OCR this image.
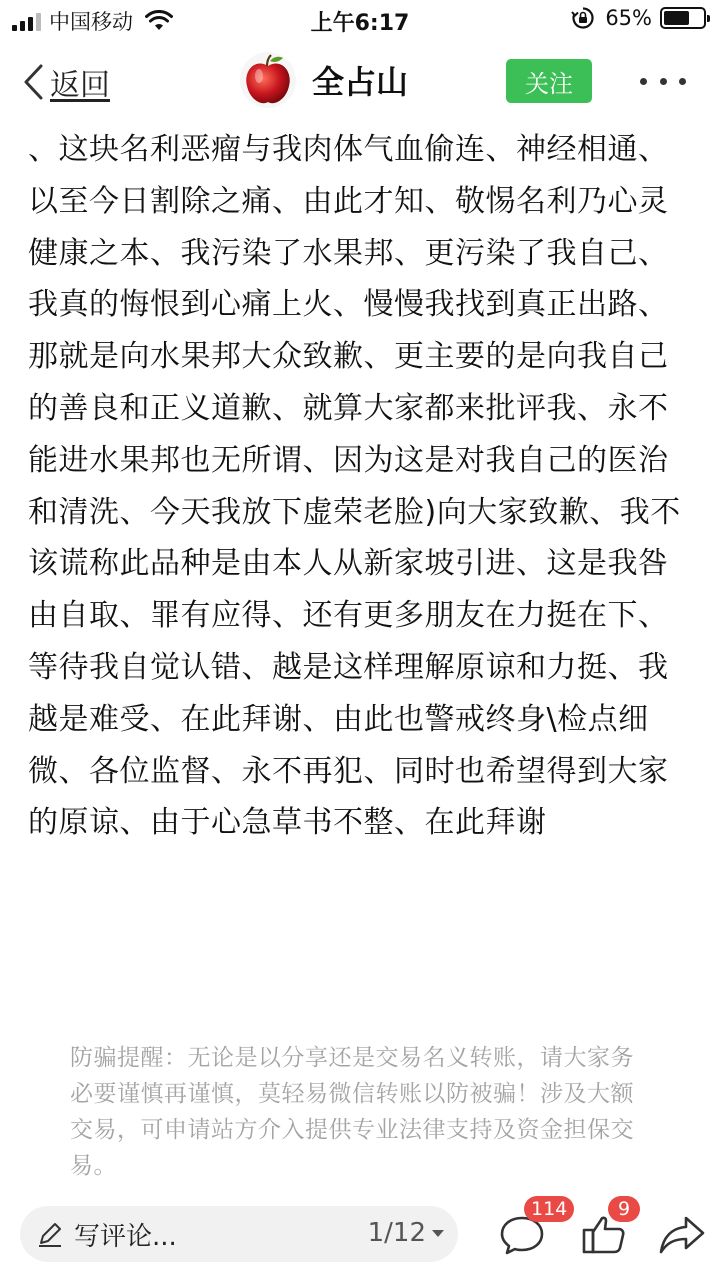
中国移动	上午6:17	65%
返回	全占山	关注
、这块名利恶瘤与我肉体气血偷连、神经相通、以至今日割除之痛、由此才知、敬惕名利乃心灵健康之本、我污染了水果邦、更污染了我自己、我真的悔恨到心痛上火、慢慢我找到真正出路、那就是向水果邦大众致歉、更主要的是向我自己的善良和正义道歉、就算大家都来批评我、永不能进水果邦也无所谓、因为这是对我自己的医治和清洗、今天我放下虚荣老脸)向大家致歉、我不该谎称此品种是由本人从新家坡引进、这是我咎由自取、罪有应得、还有更多朋友在力挺在下、等待我自觉认错、越是这样理解原谅和力挺、我越是难受、在此拜谢、由此也警戒终身\检点细微、各位监督、永不再犯、同时也希望得到大家的原谅、由于心急草书不整、在此拜谢
防骗提醒：无论是以分享还是交易名义转账，请大家务必要谨慎再谨慎，莫轻易微信转账以防被骗！涉及大额交易，可申请站方介入提供专业法律支持及资金担保交易。
写评论...	1/12
114	9
